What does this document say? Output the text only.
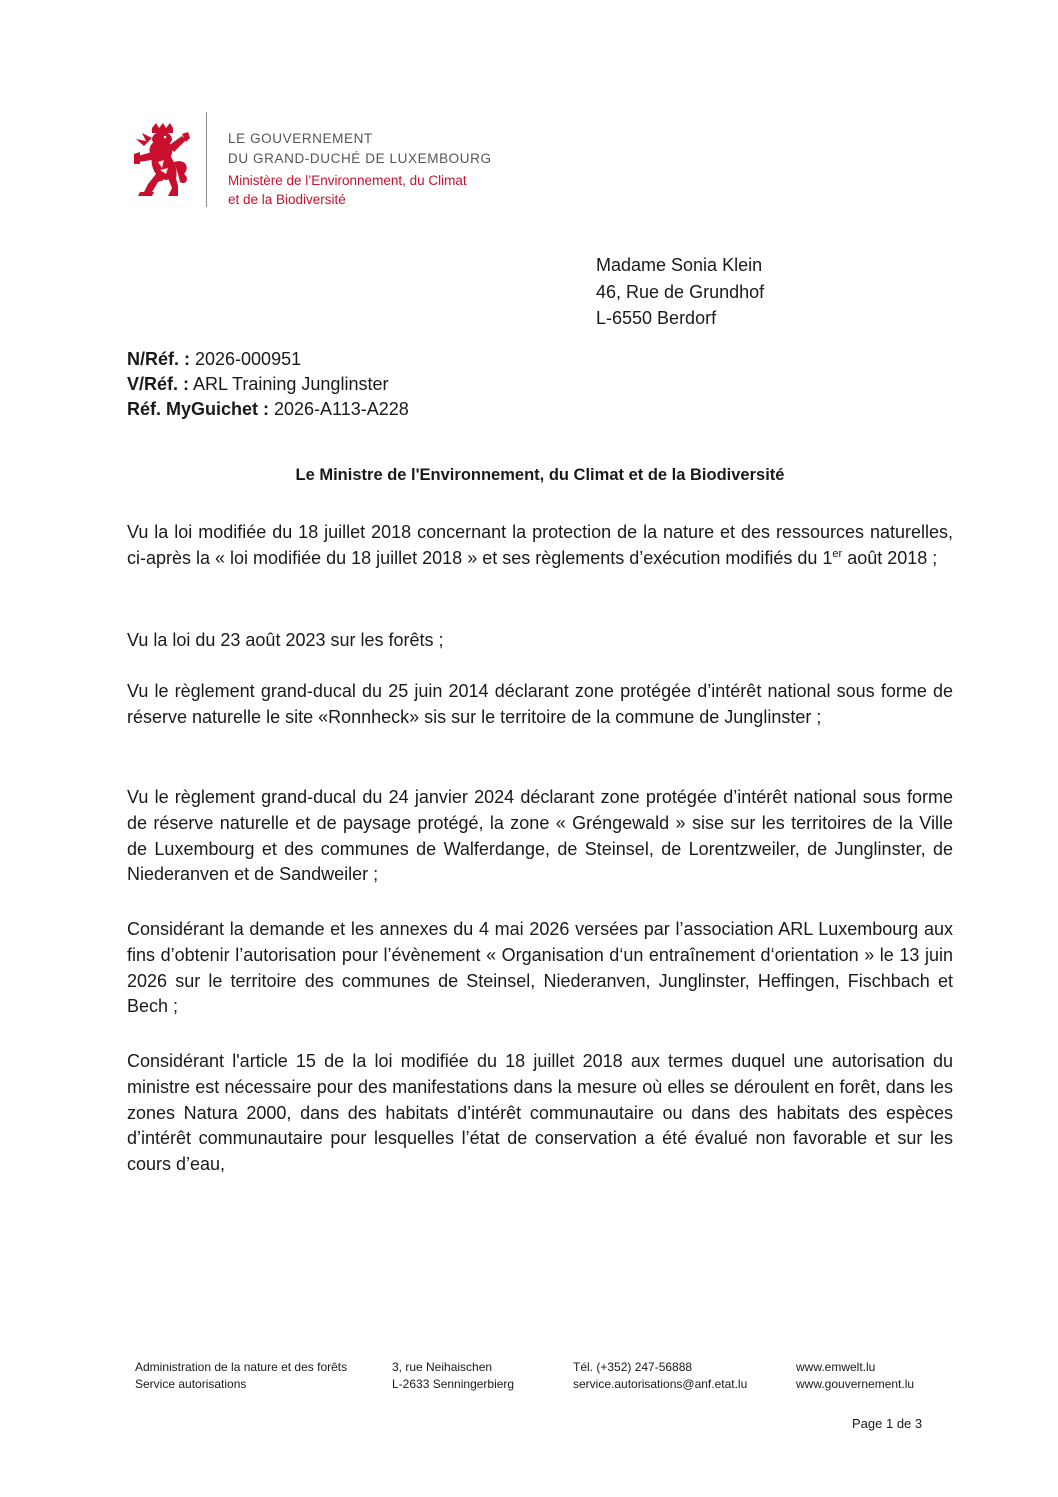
LE GOUVERNEMENT
DU GRAND-DUCHÉ DE LUXEMBOURG
Ministère de l’Environnement, du Climat
et de la Biodiversité
Madame Sonia Klein
46, Rue de Grundhof
L-6550 Berdorf
N/Réf. : 2026-000951
V/Réf. : ARL Training Junglinster
Réf. MyGuichet : 2026-A113-A228
Le Ministre de l'Environnement, du Climat et de la Biodiversité
Vu la loi modifiée du 18 juillet 2018 concernant la protection de la nature et des ressources naturelles, ci-après la « loi modifiée du 18 juillet 2018 » et ses règlements d’exécution modifiés du 1er août 2018 ;
Vu la loi du 23 août 2023 sur les forêts ;
Vu le règlement grand-ducal du 25 juin 2014 déclarant zone protégée d’intérêt national sous forme de réserve naturelle le site «Ronnheck» sis sur le territoire de la commune de Junglinster ;
Vu le règlement grand-ducal du 24 janvier 2024 déclarant zone protégée d’intérêt national sous forme de réserve naturelle et de paysage protégé, la zone « Gréngewald » sise sur les territoires de la Ville de Luxembourg et des communes de Walferdange, de Steinsel, de Lorentzweiler, de Junglinster, de Niederanven et de Sandweiler ;
Considérant la demande et les annexes du 4 mai 2026 versées par l’association ARL Luxembourg aux fins d’obtenir l’autorisation pour l’évènement « Organisation d‘un entraînement d‘orientation » le 13 juin 2026 sur le territoire des communes de Steinsel, Niederanven, Junglinster, Heffingen, Fischbach et Bech ;
Considérant l'article 15 de la loi modifiée du 18 juillet 2018 aux termes duquel une autorisation du ministre est nécessaire pour des manifestations dans la mesure où elles se déroulent en forêt, dans les zones Natura 2000, dans des habitats d’intérêt communautaire ou dans des habitats des espèces d’intérêt communautaire pour lesquelles l’état de conservation a été évalué non favorable et sur les cours d’eau,
Administration de la nature et des forêts
Service autorisations
3, rue Neihaischen
L-2633 Senningerbierg
Tél. (+352) 247-56888
service.autorisations@anf.etat.lu
www.emwelt.lu
www.gouvernement.lu
Page 1 de 3
